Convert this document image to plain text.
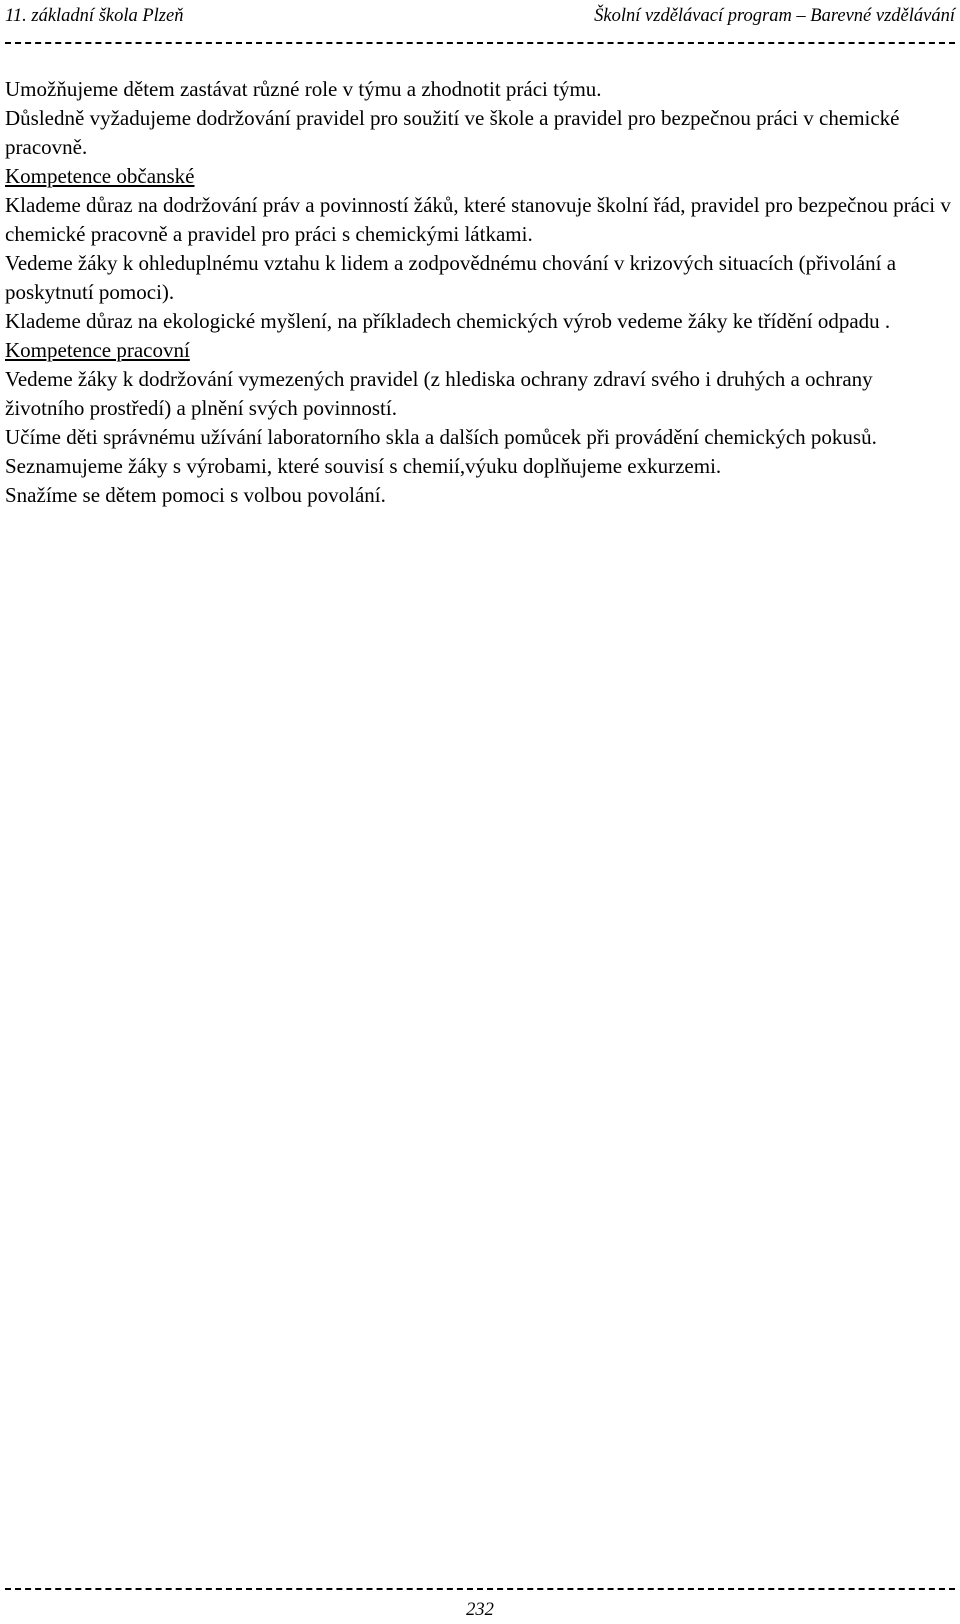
11. základní škola Plzeň	Školní vzdělávací program – Barevné vzdělávání

Umožňujeme dětem zastávat různé role v týmu a zhodnotit práci týmu.

Důsledně vyžadujeme dodržování pravidel pro soužití ve škole a pravidel pro bezpečnou práci v chemické pracovně.

Kompetence občanské

Klademe důraz na dodržování práv a povinností žáků, které stanovuje školní řád, pravidel pro bezpečnou práci v chemické pracovně a pravidel pro práci s chemickými látkami.

Vedeme žáky k ohleduplnému vztahu k lidem a zodpovědnému chování v krizových situacích (přivolání a poskytnutí pomoci).

Klademe důraz na ekologické myšlení, na příkladech chemických výrob vedeme žáky ke třídění odpadu .

Kompetence pracovní

Vedeme žáky k dodržování vymezených pravidel (z hlediska ochrany zdraví svého i druhých a ochrany životního prostředí) a plnění svých povinností.

Učíme děti správnému užívání laboratorního skla a dalších pomůcek při provádění chemických pokusů.

Seznamujeme žáky s výrobami, které souvisí s chemií,výuku doplňujeme exkurzemi.

Snažíme se dětem pomoci s volbou povolání.

232
